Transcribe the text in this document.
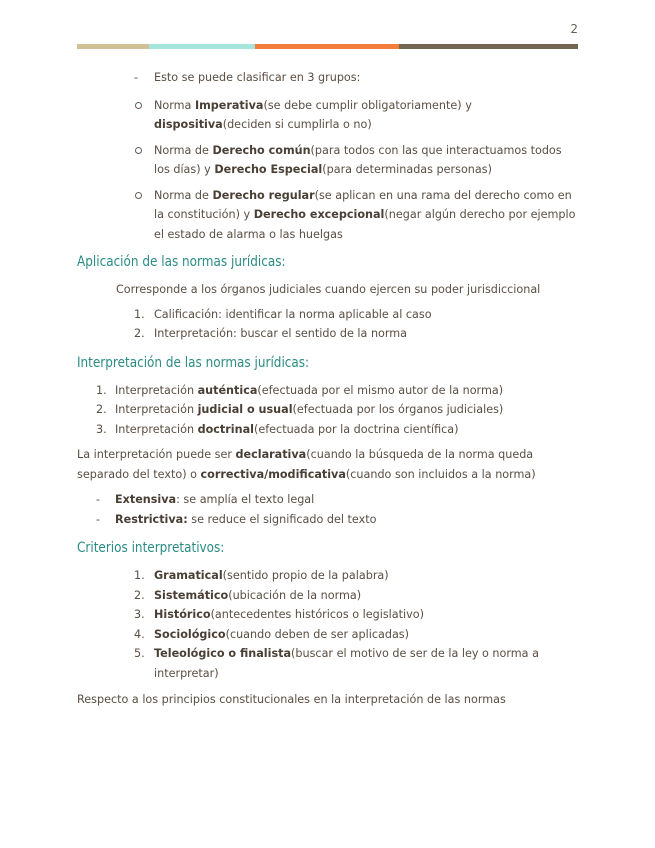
2
- Esto se puede clasificar en 3 grupos:
Norma Imperativa(se debe cumplir obligatoriamente) y dispositiva(deciden si cumplirla o no)
Norma de Derecho común(para todos con las que interactuamos todos los días) y Derecho Especial(para determinadas personas)
Norma de Derecho regular(se aplican en una rama del derecho como en la constitución) y Derecho excepcional(negar algún derecho por ejemplo el estado de alarma o las huelgas
Aplicación de las normas jurídicas:
Corresponde a los órganos judiciales cuando ejercen su poder jurisdiccional
1. Calificación: identificar la norma aplicable al caso
2. Interpretación: buscar el sentido de la norma
Interpretación de las normas jurídicas:
1. Interpretación auténtica(efectuada por el mismo autor de la norma)
2. Interpretación judicial o usual(efectuada por los órganos judiciales)
3. Interpretación doctrinal(efectuada por la doctrina científica)
La interpretación puede ser declarativa(cuando la búsqueda de la norma queda separado del texto) o correctiva/modificativa(cuando son incluidos a la norma)
- Extensiva: se amplía el texto legal
- Restrictiva: se reduce el significado del texto
Criterios interpretativos:
1. Gramatical(sentido propio de la palabra)
2. Sistemático(ubicación de la norma)
3. Histórico(antecedentes históricos o legislativo)
4. Sociológico(cuando deben de ser aplicadas)
5. Teleológico o finalista(buscar el motivo de ser de la ley o norma a interpretar)
Respecto a los principios constitucionales en la interpretación de las normas
